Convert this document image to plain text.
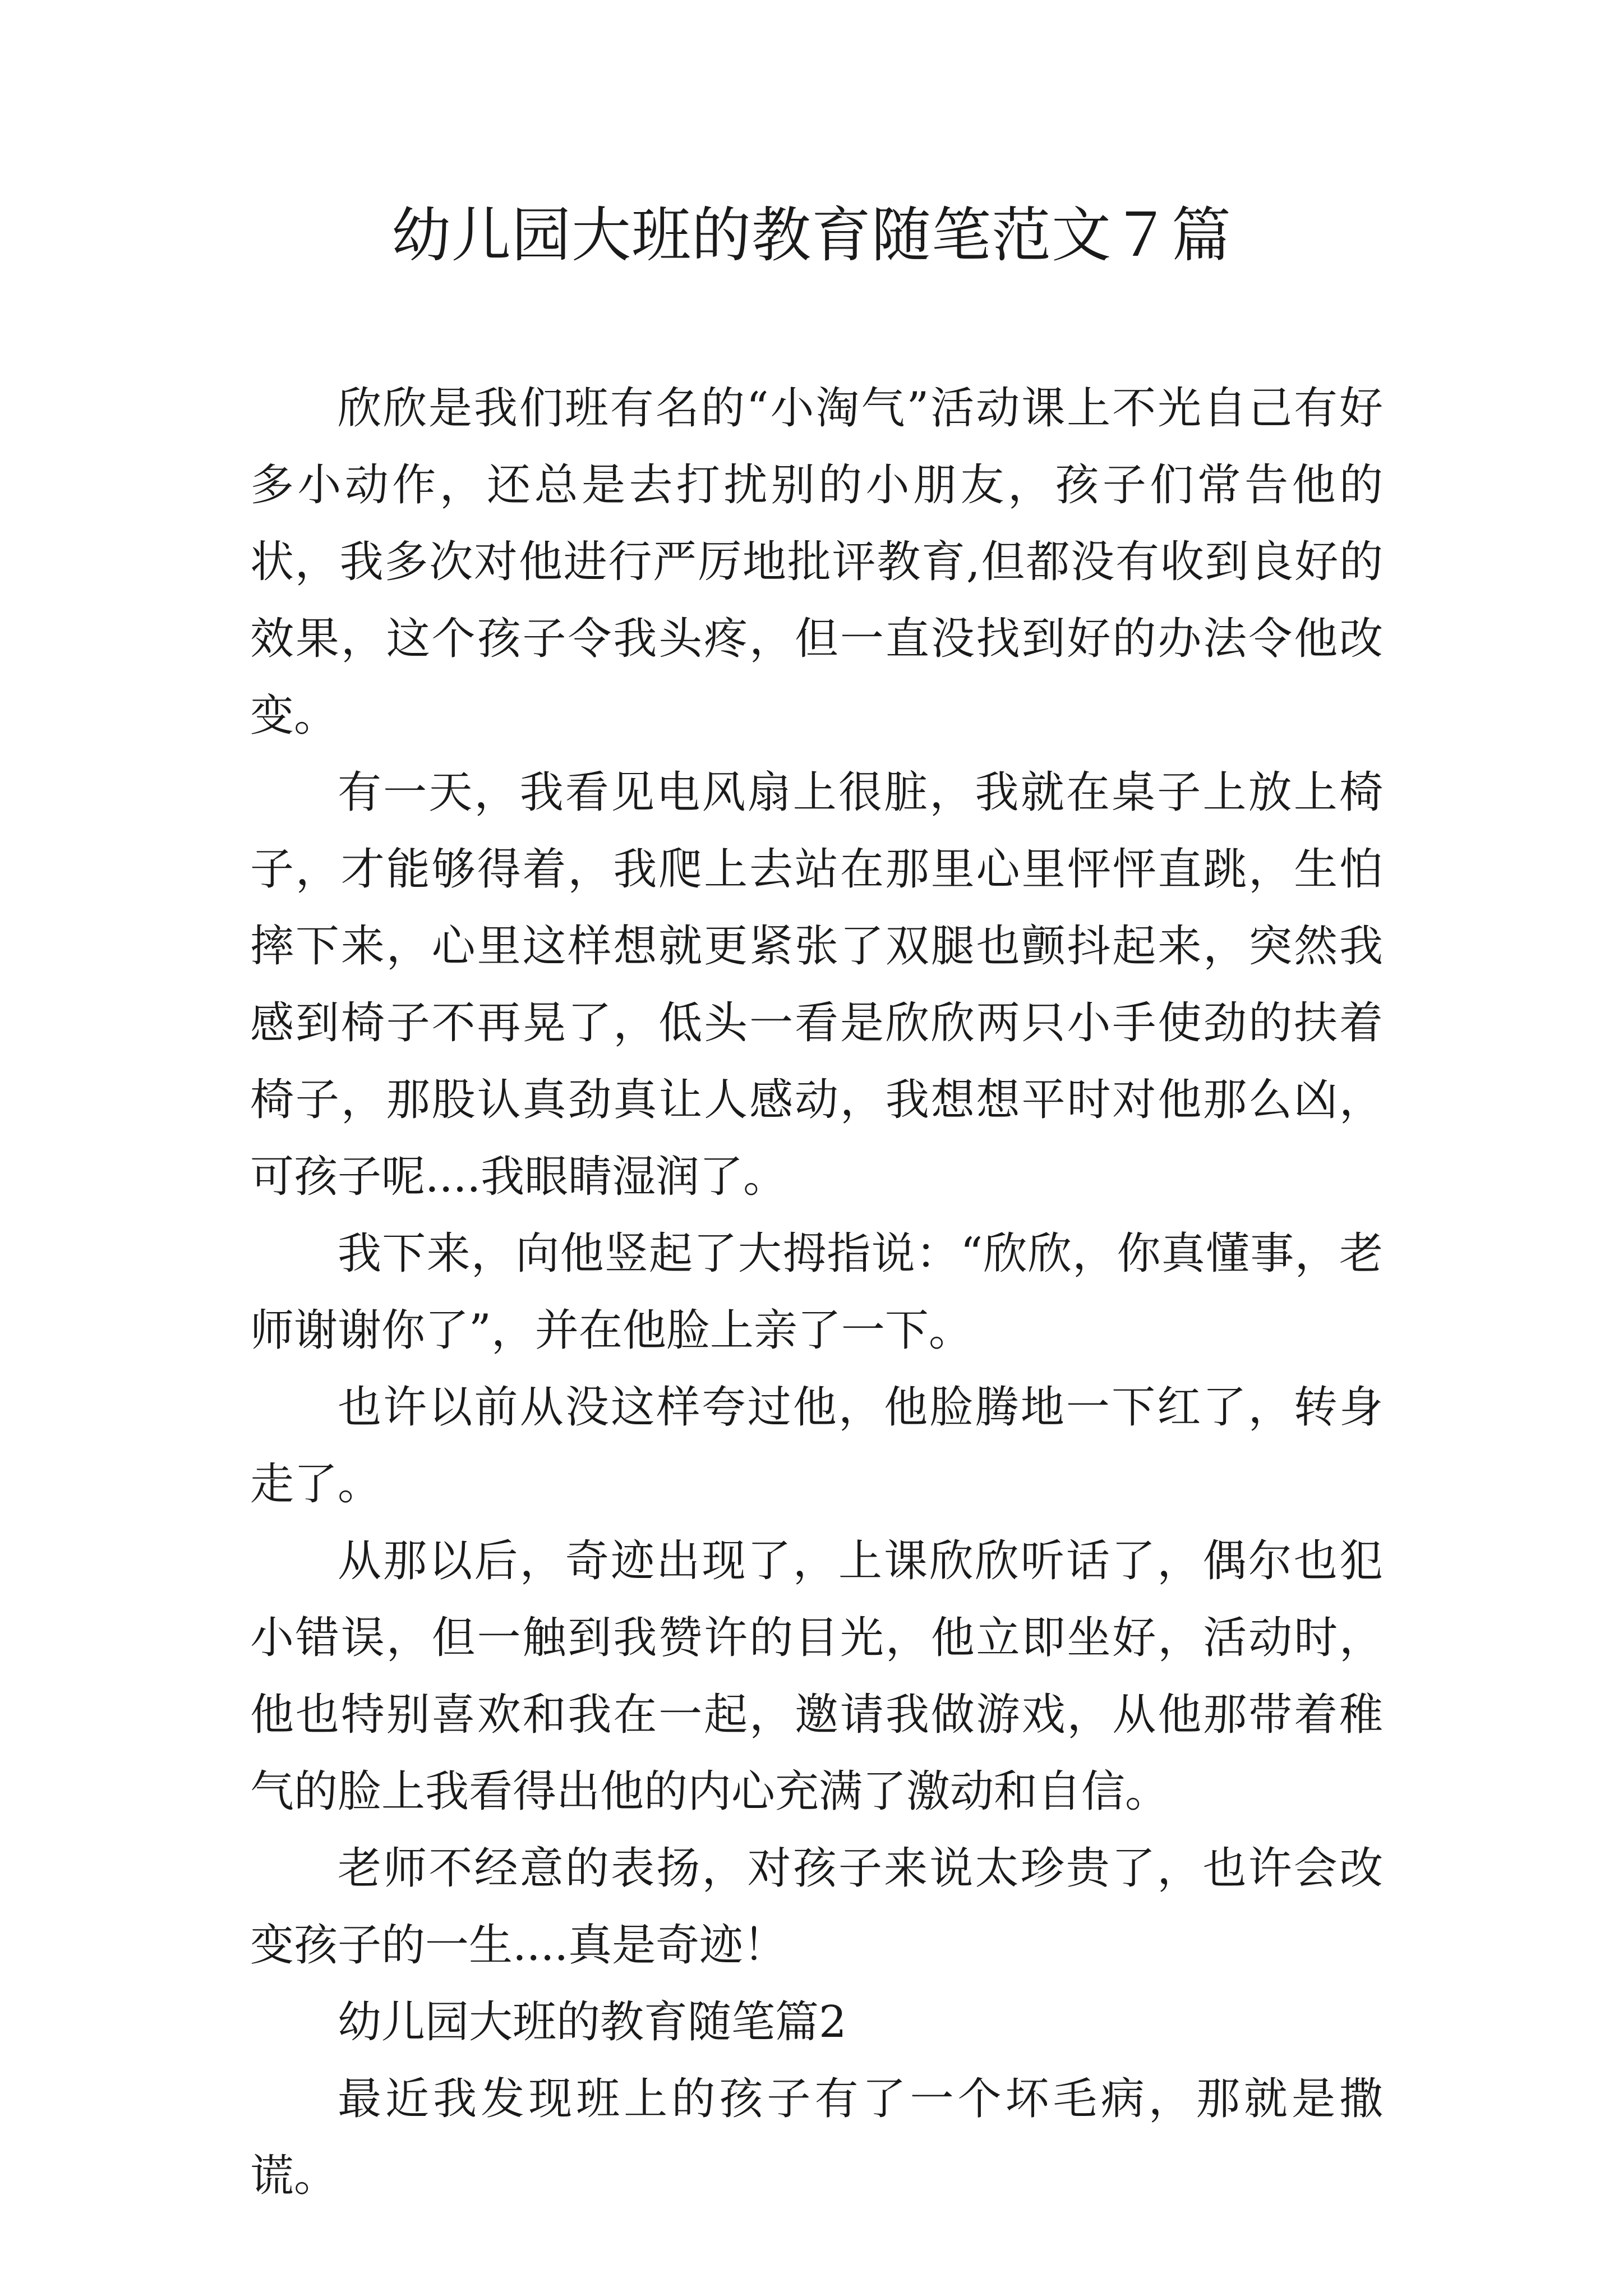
幼儿园大班的教育随笔范文７篇

欣欣是我们班有名的“小淘气”活动课上不光自己有好多小动作，还总是去打扰别的小朋友，孩子们常告他的状，我多次对他进行严厉地批评教育,但都没有收到良好的效果，这个孩子令我头疼，但一直没找到好的办法令他改变。

有一天，我看见电风扇上很脏，我就在桌子上放上椅子，才能够得着，我爬上去站在那里心里怦怦直跳，生怕摔下来，心里这样想就更紧张了双腿也颤抖起来，突然我感到椅子不再晃了，低头一看是欣欣两只小手使劲的扶着椅子，那股认真劲真让人感动，我想想平时对他那么凶，可孩子呢....我眼睛湿润了。

我下来，向他竖起了大拇指说：“欣欣，你真懂事，老师谢谢你了”，并在他脸上亲了一下。

也许以前从没这样夸过他，他脸腾地一下红了，转身走了。

从那以后，奇迹出现了，上课欣欣听话了，偶尔也犯小错误，但一触到我赞许的目光，他立即坐好，活动时，他也特别喜欢和我在一起，邀请我做游戏，从他那带着稚气的脸上我看得出他的内心充满了激动和自信。

老师不经意的表扬，对孩子来说太珍贵了，也许会改变孩子的一生....真是奇迹！

幼儿园大班的教育随笔篇2

最近我发现班上的孩子有了一个坏毛病，那就是撒谎。
